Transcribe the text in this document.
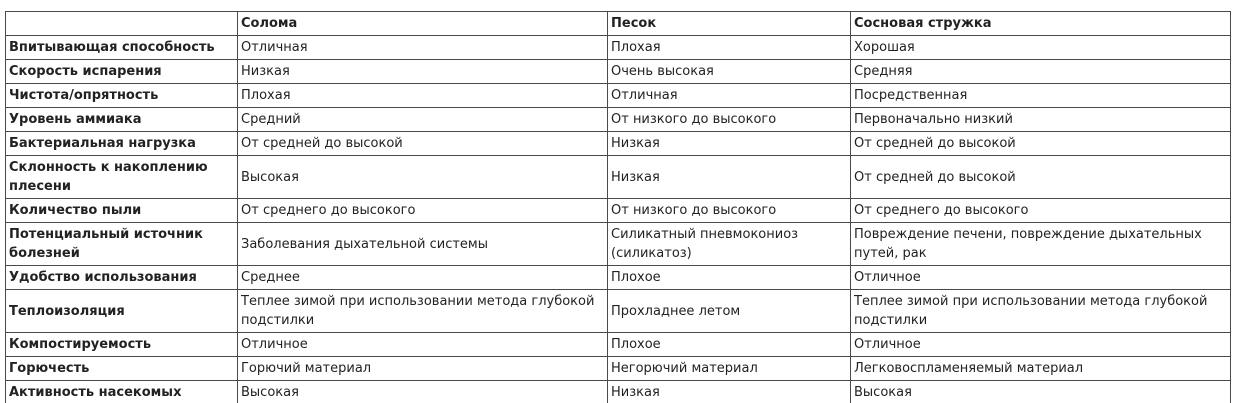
	Солома	Песок	Сосновая стружка
Впитывающая способность	Отличная	Плохая	Хорошая
Скорость испарения	Низкая	Очень высокая	Средняя
Чистота/опрятность	Плохая	Отличная	Посредственная
Уровень аммиака	Средний	От низкого до высокого	Первоначально низкий
Бактериальная нагрузка	От средней до высокой	Низкая	От средней до высокой
Склонность к накоплению плесени	Высокая	Низкая	От средней до высокой
Количество пыли	От среднего до высокого	От низкого до высокого	От среднего до высокого
Потенциальный источник болезней	Заболевания дыхательной системы	Силикатный пневмокониоз (силикатоз)	Повреждение печени, повреждение дыхательных путей, рак
Удобство использования	Среднее	Плохое	Отличное
Теплоизоляция	Теплее зимой при использовании метода глубокой подстилки	Прохладнее летом	Теплее зимой при использовании метода глубокой подстилки
Компостируемость	Отличное	Плохое	Отличное
Горючесть	Горючий материал	Негорючий материал	Легковоспламеняемый материал
Активность насекомых	Высокая	Низкая	Высокая
